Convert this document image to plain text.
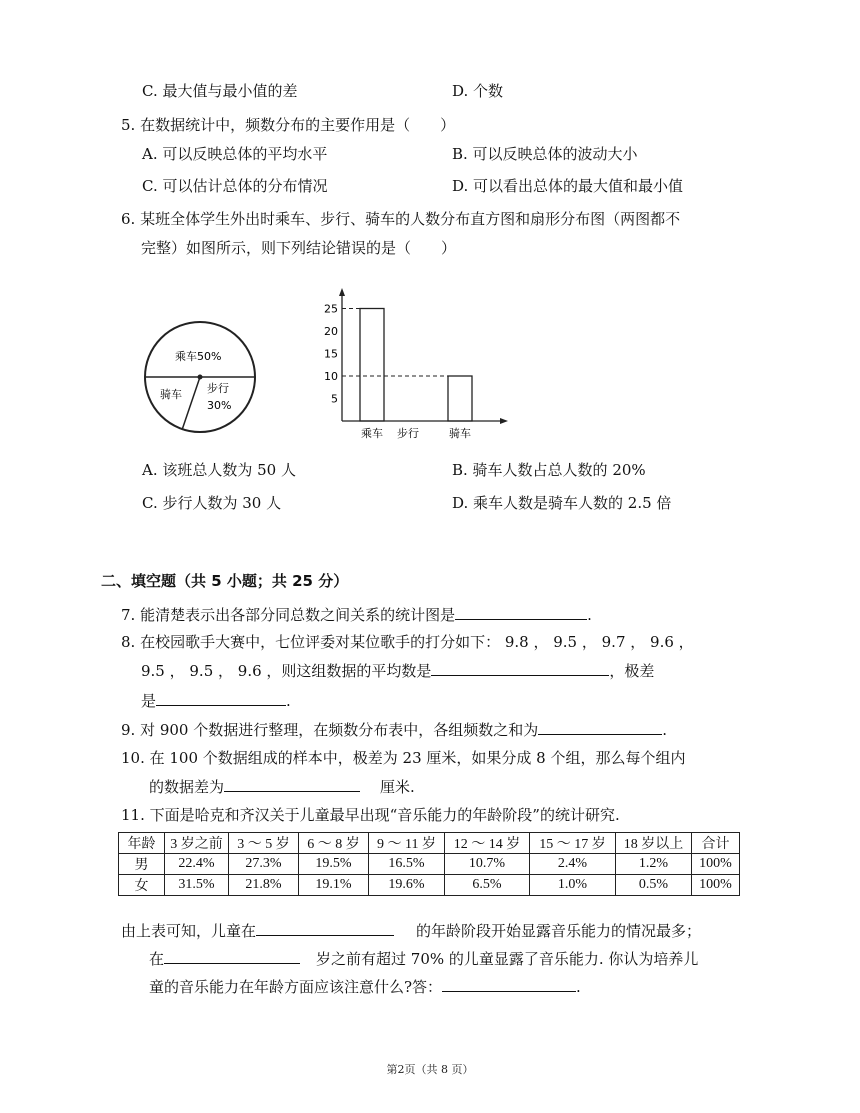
C. 最大值与最小值的差	D. 个数
5. 在数据统计中，频数分布的主要作用是（　　）
A. 可以反映总体的平均水平	B. 可以反映总体的波动大小
C. 可以估计总体的分布情况	D. 可以看出总体的最大值和最小值
6. 某班全体学生外出时乘车、步行、骑车的人数分布直方图和扇形分布图（两图都不
完整）如图所示，则下列结论错误的是（　　）
乘车50%
骑车 步行
30%	5
10
15
20
25
乘车 步行	骑车
A. 该班总人数为 50 人	B. 骑车人数占总人数的 20%
C. 步行人数为 30 人	D. 乘车人数是骑车人数的 2.5 倍
二、填空题（共 5 小题；共 25 分）
7. 能清楚表示出各部分同总数之间关系的统计图是	.
8. 在校园歌手大赛中，七位评委对某位歌手的打分如下： 9.8 ， 9.5 ， 9.7 ， 9.6 ，
9.5 ， 9.5 ， 9.6 ，则这组数据的平均数是	，极差
是	.
9. 对 900 个数据进行整理，在频数分布表中，各组频数之和为	.
10. 在 100 个数据组成的样本中，极差为 23 厘米，如果分成 8 个组，那么每个组内
的数据差为	厘米.
11. 下面是哈克和齐汉关于儿童最早出现“音乐能力的年龄阶段”的统计研究.
年龄	3 岁之前	3 ～ 5 岁	6 ～ 8 岁	9 ～ 11 岁	12 ～ 14 岁	15 ～ 17 岁	18 岁以上	合计
男	22.4%	27.3%	19.5%	16.5%	10.7%	2.4%	1.2%	100%
女	31.5%	21.8%	19.1%	19.6%	6.5%	1.0%	0.5%	100%
由上表可知，儿童在	的年龄阶段开始显露音乐能力的情况最多；
在	岁之前有超过 70% 的儿童显露了音乐能力. 你认为培养儿
童的音乐能力在年龄方面应该注意什么?答：	.
第2页（共 8 页）
